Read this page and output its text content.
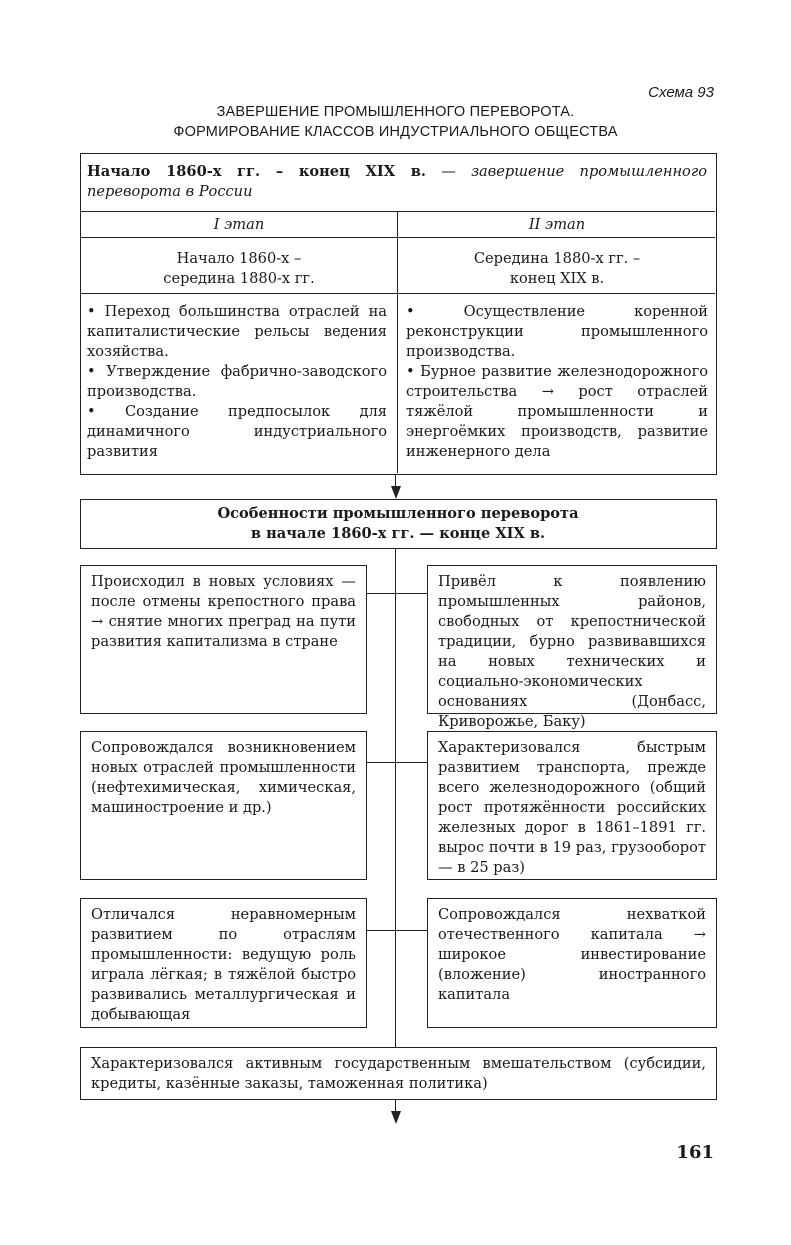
Схема 93
ЗАВЕРШЕНИЕ ПРОМЫШЛЕННОГО ПЕРЕВОРОТА.
ФОРМИРОВАНИЕ КЛАССОВ ИНДУСТРИАЛЬНОГО ОБЩЕСТВА
Начало 1860-х гг. – конец XIX в. — завершение промышленного переворота в России
I этап	II этап
Начало 1860-х –
середина 1880-х гг.
Середина 1880-х гг. –
конец XIX в.
• Переход большинства отраслей на капиталистические рельсы ведения хозяйства.
• Утверждение фабрично-заводского производства.
• Создание предпосылок для динамичного индустриального развития
• Осуществление коренной реконструкции промышленного производства.
• Бурное развитие железнодорожного строительства → рост отраслей тяжёлой промышленности и энергоёмких производств, развитие инженерного дела
Особенности промышленного переворота
в начале 1860-х гг. — конце XIX в.
Происходил в новых условиях — после отмены крепостного права → снятие многих преград на пути развития капитализма в стране
Сопровождался возникновением новых отраслей промышленности (нефтехимическая, химическая, машиностроение и др.)
Отличался неравномерным развитием по отраслям промышленности: ведущую роль играла лёгкая; в тяжёлой быстро развивались металлургическая и добывающая
Привёл к появлению промышленных районов, свободных от крепостнической традиции, бурно развивавшихся на новых технических и социально-экономических основаниях (Донбасс, Криворожье, Баку)
Характеризовался быстрым развитием транспорта, прежде всего железнодорожного (общий рост протяжённости российских железных дорог в 1861–1891 гг. вырос почти в 19 раз, грузооборот — в 25 раз)
Сопровождался нехваткой отечественного капитала → широкое инвестирование (вложение) иностранного капитала
Характеризовался активным государственным вмешательством (субсидии, кредиты, казённые заказы, таможенная политика)
161
